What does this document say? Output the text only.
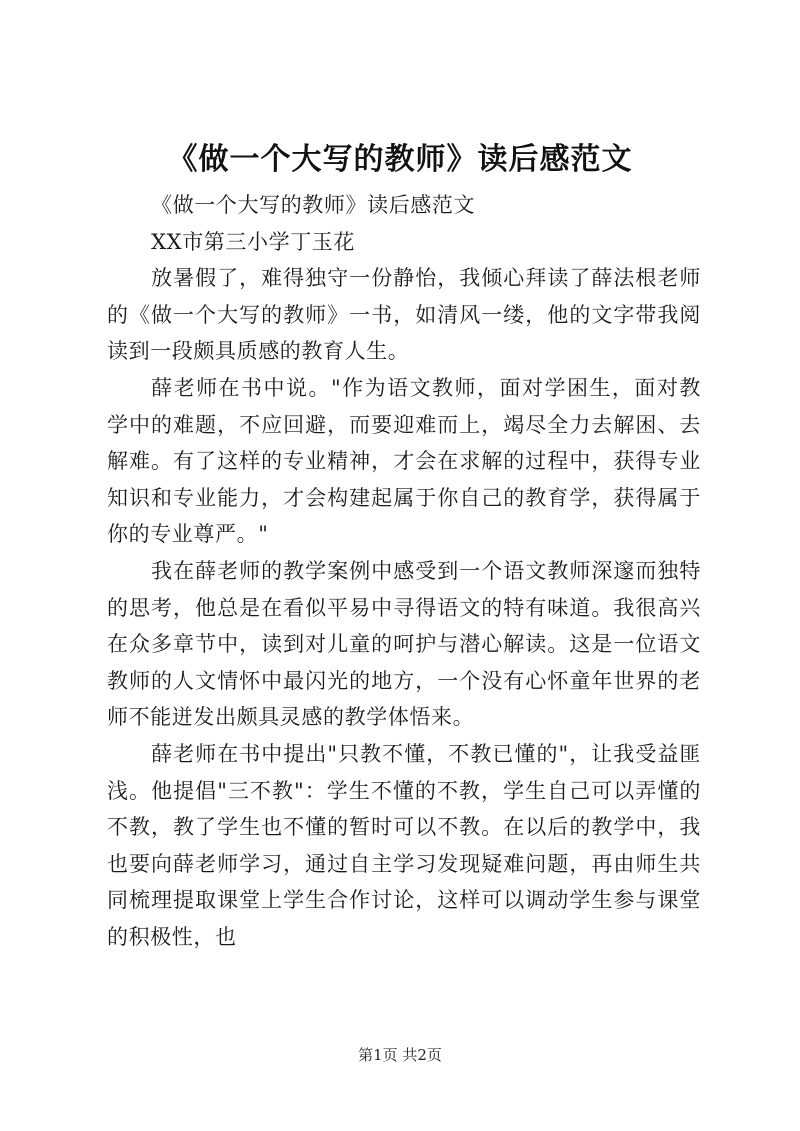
《做一个大写的教师》读后感范文

《做一个大写的教师》读后感范文

XX市第三小学丁玉花

放暑假了，难得独守一份静怡，我倾心拜读了薛法根老师的《做一个大写的教师》一书，如清风一缕，他的文字带我阅读到一段颇具质感的教育人生。

薛老师在书中说。"作为语文教师，面对学困生，面对教学中的难题，不应回避，而要迎难而上，竭尽全力去解困、去解难。有了这样的专业精神，才会在求解的过程中，获得专业知识和专业能力，才会构建起属于你自己的教育学，获得属于你的专业尊严。"

我在薛老师的教学案例中感受到一个语文教师深邃而独特的思考，他总是在看似平易中寻得语文的特有味道。我很高兴在众多章节中，读到对儿童的呵护与潜心解读。这是一位语文教师的人文情怀中最闪光的地方，一个没有心怀童年世界的老师不能迸发出颇具灵感的教学体悟来。

薛老师在书中提出"只教不懂，不教已懂的"，让我受益匪浅。他提倡"三不教"：学生不懂的不教，学生自己可以弄懂的不教，教了学生也不懂的暂时可以不教。在以后的教学中，我也要向薛老师学习，通过自主学习发现疑难问题，再由师生共同梳理提取课堂上学生合作讨论，这样可以调动学生参与课堂的积极性，也

第1页 共2页
